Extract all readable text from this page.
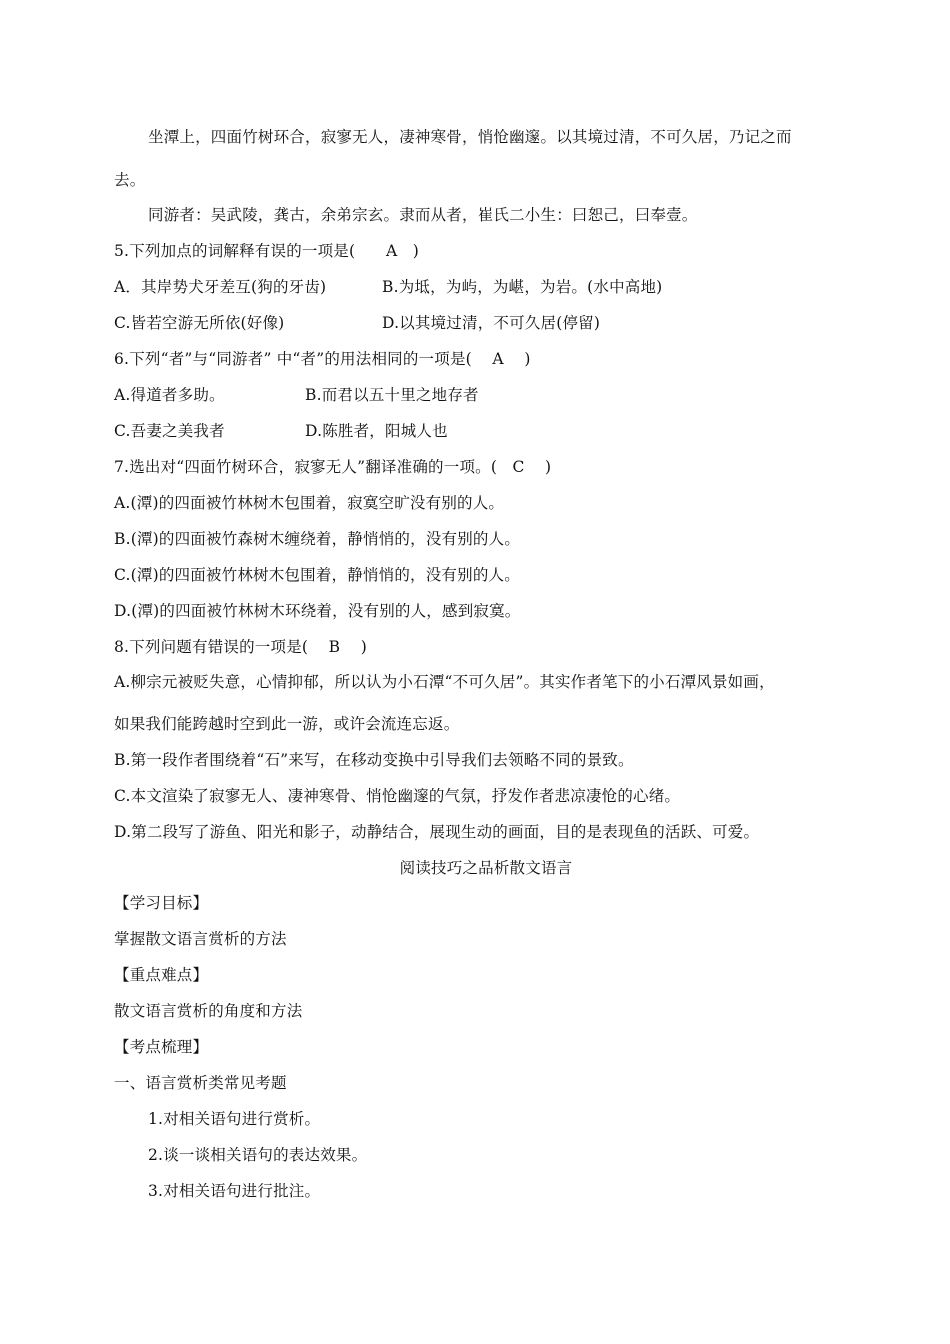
坐潭上，四面竹树环合，寂寥无人，凄神寒骨，悄怆幽邃。以其境过清，不可久居，乃记之而
去。
同游者：吴武陵，龚古，余弟宗玄。隶而从者，崔氏二小生：曰恕己，曰奉壹。
5.下列加点的词解释有误的一项是(      A   )
A．其岸势犬牙差互(狗的牙齿)	B.为坻，为屿，为嵁，为岩。(水中高地)
C.皆若空游无所依(好像)	D.以其境过清，不可久居(停留)
6.下列“者”与“同游者” 中“者”的用法相同的一项是(    A    )
A.得道者多助。	B.而君以五十里之地存者
C.吾妻之美我者	D.陈胜者，阳城人也
7.选出对“四面竹树环合，寂寥无人”翻译准确的一项。(   C    )
A.(潭)的四面被竹林树木包围着，寂寞空旷没有别的人。
B.(潭)的四面被竹森树木缠绕着，静悄悄的，没有别的人。
C.(潭)的四面被竹林树木包围着，静悄悄的，没有别的人。
D.(潭)的四面被竹林树木环绕着，没有别的人，感到寂寞。
8.下列问题有错误的一项是(    B    )
A.柳宗元被贬失意，心情抑郁，所以认为小石潭“不可久居”。其实作者笔下的小石潭风景如画，
如果我们能跨越时空到此一游，或许会流连忘返。
B.第一段作者围绕着“石”来写，在移动变换中引导我们去领略不同的景致。
C.本文渲染了寂寥无人、凄神寒骨、悄怆幽邃的气氛，抒发作者悲凉凄怆的心绪。
D.第二段写了游鱼、阳光和影子，动静结合，展现生动的画面，目的是表现鱼的活跃、可爱。
阅读技巧之品析散文语言
【学习目标】
掌握散文语言赏析的方法
【重点难点】
散文语言赏析的角度和方法
【考点梳理】
一、语言赏析类常见考题
1.对相关语句进行赏析。
2.谈一谈相关语句的表达效果。
3.对相关语句进行批注。
